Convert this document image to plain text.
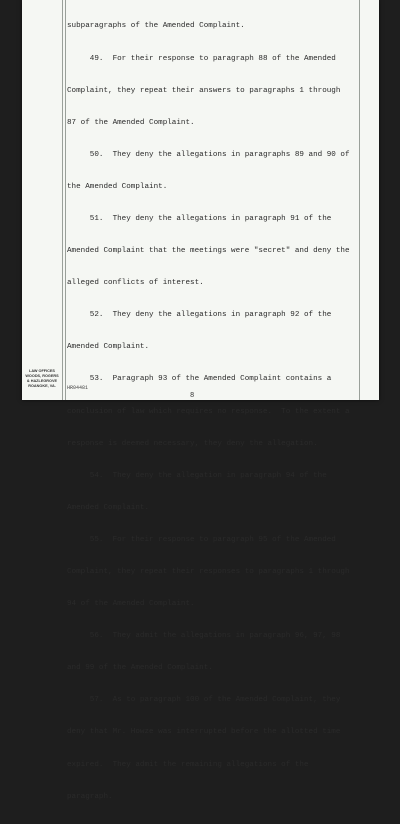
subparagraphs of the Amended Complaint.

49.  For their response to paragraph 88 of the Amended

Complaint, they repeat their answers to paragraphs 1 through

87 of the Amended Complaint.

50.  They deny the allegations in paragraphs 89 and 90 of

the Amended Complaint.

51.  They deny the allegations in paragraph 91 of the

Amended Complaint that the meetings were "secret" and deny the

alleged conflicts of interest.

52.  They deny the allegations in paragraph 92 of the

Amended Complaint.

53.  Paragraph 93 of the Amended Complaint contains a

conclusion of law which requires no response.  To the extent a

response is deemed necessary, they deny the allegation.

54.  They deny the allegation in paragraph 94 of the

Amended Complaint.

55.  For their response to paragraph 95 of the Amended

Complaint, they repeat their responses to paragraphs 1 through

94 of the Amended Complaint.

56.  They admit the allegations in paragraph 96, 97, 98

and 99 of the Amended Complaint.

57.  As to paragraph 100 of the Amended Complaint, they

deny that Mr. Howze was interrupted before the allotted time

expired.  They admit the remaining allegations of the

paragraph.

LAW OFFICES
WOODS, ROGERS
& HAZLEGROVE
ROANOKE, VA.	HR04481
8
